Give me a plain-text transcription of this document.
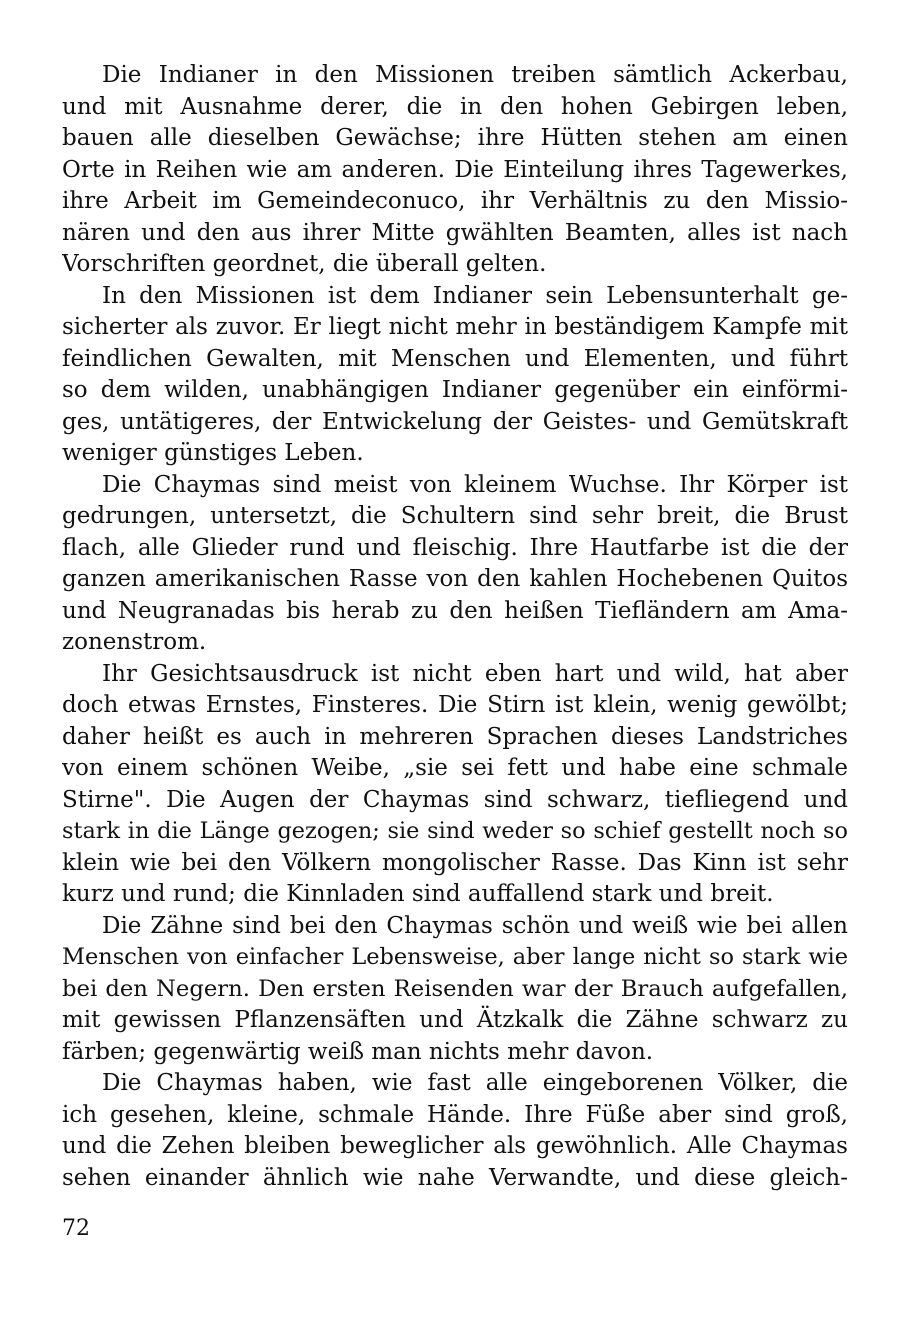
Die Indianer in den Missionen treiben sämtlich Ackerbau,
und mit Ausnahme derer, die in den hohen Gebirgen leben,
bauen alle dieselben Gewächse; ihre Hütten stehen am einen
Orte in Reihen wie am anderen. Die Einteilung ihres Tagewerkes,
ihre Arbeit im Gemeindeconuco, ihr Verhältnis zu den Missio-
nären und den aus ihrer Mitte gwählten Beamten, alles ist nach
Vorschriften geordnet, die überall gelten.
In den Missionen ist dem Indianer sein Lebensunterhalt ge-
sicherter als zuvor. Er liegt nicht mehr in beständigem Kampfe mit
feindlichen Gewalten, mit Menschen und Elementen, und führt
so dem wilden, unabhängigen Indianer gegenüber ein einförmi-
ges, untätigeres, der Entwickelung der Geistes- und Gemütskraft
weniger günstiges Leben.
Die Chaymas sind meist von kleinem Wuchse. Ihr Körper ist
gedrungen, untersetzt, die Schultern sind sehr breit, die Brust
flach, alle Glieder rund und fleischig. Ihre Hautfarbe ist die der
ganzen amerikanischen Rasse von den kahlen Hochebenen Quitos
und Neugranadas bis herab zu den heißen Tiefländern am Ama-
zonenstrom.
Ihr Gesichtsausdruck ist nicht eben hart und wild, hat aber
doch etwas Ernstes, Finsteres. Die Stirn ist klein, wenig gewölbt;
daher heißt es auch in mehreren Sprachen dieses Landstriches
von einem schönen Weibe, „sie sei fett und habe eine schmale
Stirne". Die Augen der Chaymas sind schwarz, tiefliegend und
stark in die Länge gezogen; sie sind weder so schief gestellt noch so
klein wie bei den Völkern mongolischer Rasse. Das Kinn ist sehr
kurz und rund; die Kinnladen sind auffallend stark und breit.
Die Zähne sind bei den Chaymas schön und weiß wie bei allen
Menschen von einfacher Lebensweise, aber lange nicht so stark wie
bei den Negern. Den ersten Reisenden war der Brauch aufgefallen,
mit gewissen Pflanzensäften und Ätzkalk die Zähne schwarz zu
färben; gegenwärtig weiß man nichts mehr davon.
Die Chaymas haben, wie fast alle eingeborenen Völker, die
ich gesehen, kleine, schmale Hände. Ihre Füße aber sind groß,
und die Zehen bleiben beweglicher als gewöhnlich. Alle Chaymas
sehen einander ähnlich wie nahe Verwandte, und diese gleich-
72
